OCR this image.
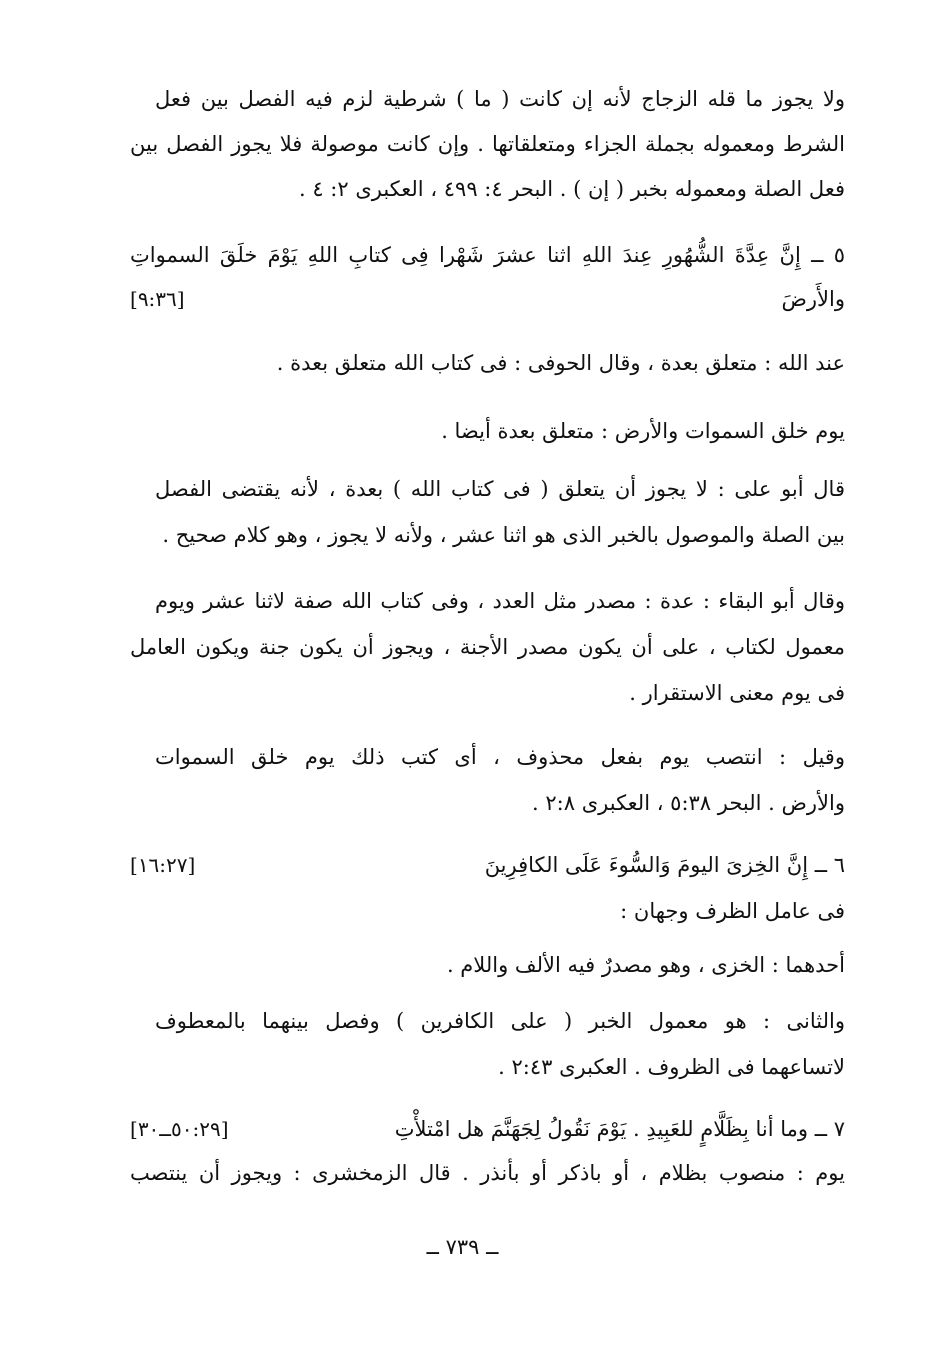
ولا يجوز ما قله الزجاج لأنه إن كانت ( ما ) شرطية لزم فيه الفصل بين فعل
الشرط ومعموله بجملة الجزاء ومتعلقاتها . وإن كانت موصولة فلا يجوز الفصل بين
فعل الصلة ومعموله بخبر ( إن ) . البحر ٤: ٤٩٩ ، العكبرى ٢: ٤ .
٥ ــ إِنَّ عِدَّةَ الشُّهُورِ عِندَ اللهِ اثنا عشرَ شَهْرا فِى كتابِ اللهِ يَوْمَ خلَقَ السمواتِ
والأَرضَ
[٩:٣٦]
عند الله : متعلق بعدة ، وقال الحوفى : فى كتاب الله متعلق بعدة .
يوم خلق السموات والأرض : متعلق بعدة أيضا .
قال أبو على : لا يجوز أن يتعلق ( فى كتاب الله ) بعدة ، لأنه يقتضى الفصل
بين الصلة والموصول بالخبر الذى هو اثنا عشر ، ولأنه لا يجوز ، وهو كلام صحيح .
وقال أبو البقاء : عدة : مصدر مثل العدد ، وفى كتاب الله صفة لاثنا عشر ويوم
معمول لكتاب ، على أن يكون مصدر الأجنة ، ويجوز أن يكون جنة ويكون العامل
فى يوم معنى الاستقرار .
وقيل : انتصب يوم بفعل محذوف ، أى كتب ذلك يوم خلق السموات
والأرض . البحر ٥:٣٨ ، العكبرى ٢:٨ .
٦ ــ إِنَّ الخِزىَ اليومَ وَالسُّوءَ عَلَى الكافِرِينَ
[١٦:٢٧]
فى عامل الظرف وجهان :
أحدهما : الخزى ، وهو مصدرٌ فيه الألف واللام .
والثانى : هو معمول الخبر ( على الكافرين ) وفصل بينهما بالمعطوف
لاتساعهما فى الظروف . العكبرى ٢:٤٣ .
٧ ــ وما أنا بِظَلَّامٍ للعَبِيدِ . يَوْمَ نَقُولُ لِجَهَنَّمَ هل امْتلأْتِ
[٥٠:٢٩ــ٣٠]
يوم : منصوب بظلام ، أو باذكر أو بأنذر . قال الزمخشرى : ويجوز أن ينتصب
ــ ٧٣٩ ــ
